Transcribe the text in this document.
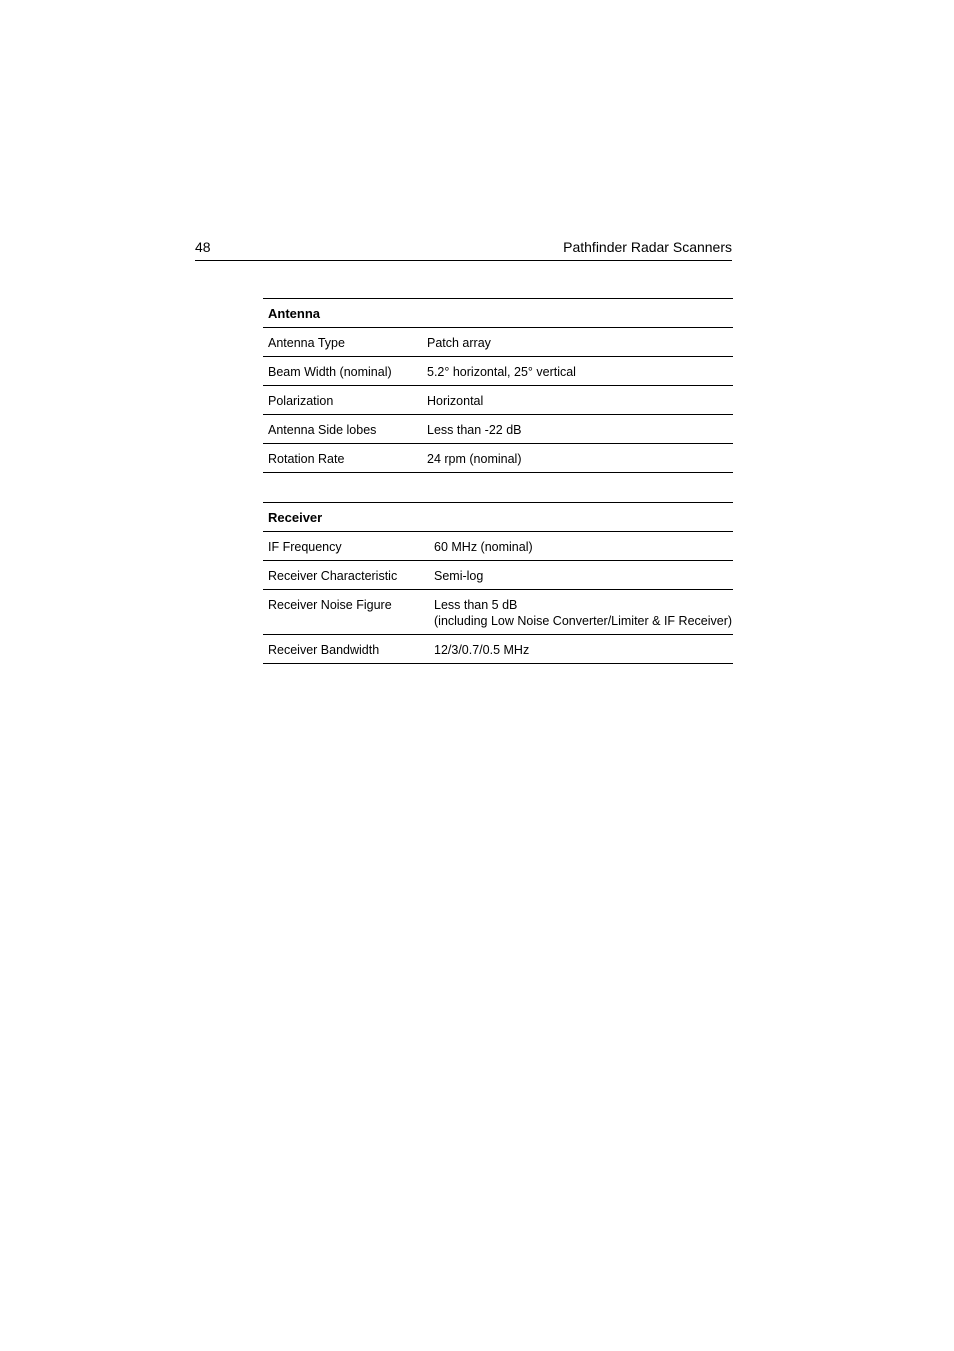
48	Pathfinder Radar Scanners
Antenna
Antenna Type	Patch array
Beam Width (nominal)	5.2° horizontal, 25° vertical
Polarization	Horizontal
Antenna Side lobes	Less than -22 dB
Rotation Rate	24 rpm (nominal)
Receiver
IF Frequency	60 MHz (nominal)
Receiver Characteristic	Semi-log
Receiver Noise Figure	Less than 5 dB
(including Low Noise Converter/Limiter & IF Receiver)
Receiver Bandwidth	12/3/0.7/0.5 MHz
